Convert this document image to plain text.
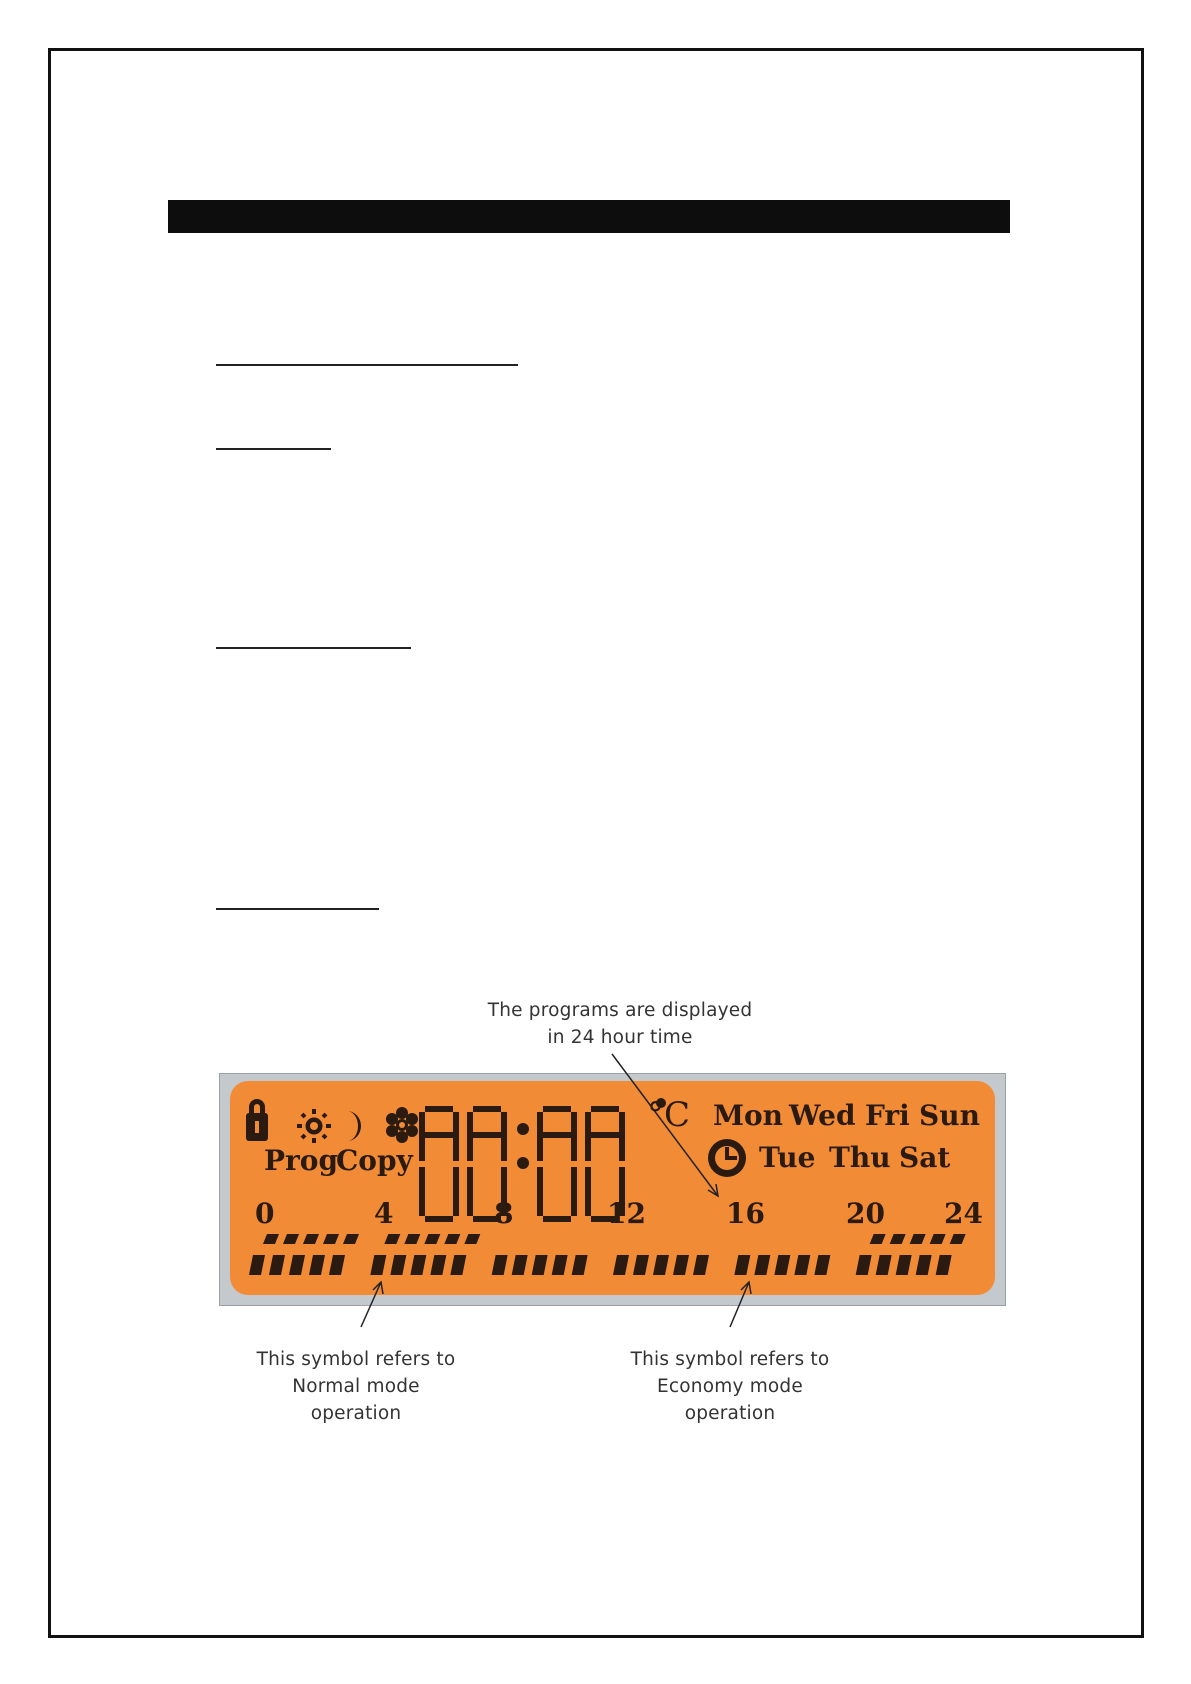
The programs are displayed
in 24 hour time
This symbol refers to
Normal mode
operation
This symbol refers to
Economy mode
operation
Prog
Copy
°C Mon Wed Fri Sun
Tue Thu Sat
0	4	8	12	16	20 24
